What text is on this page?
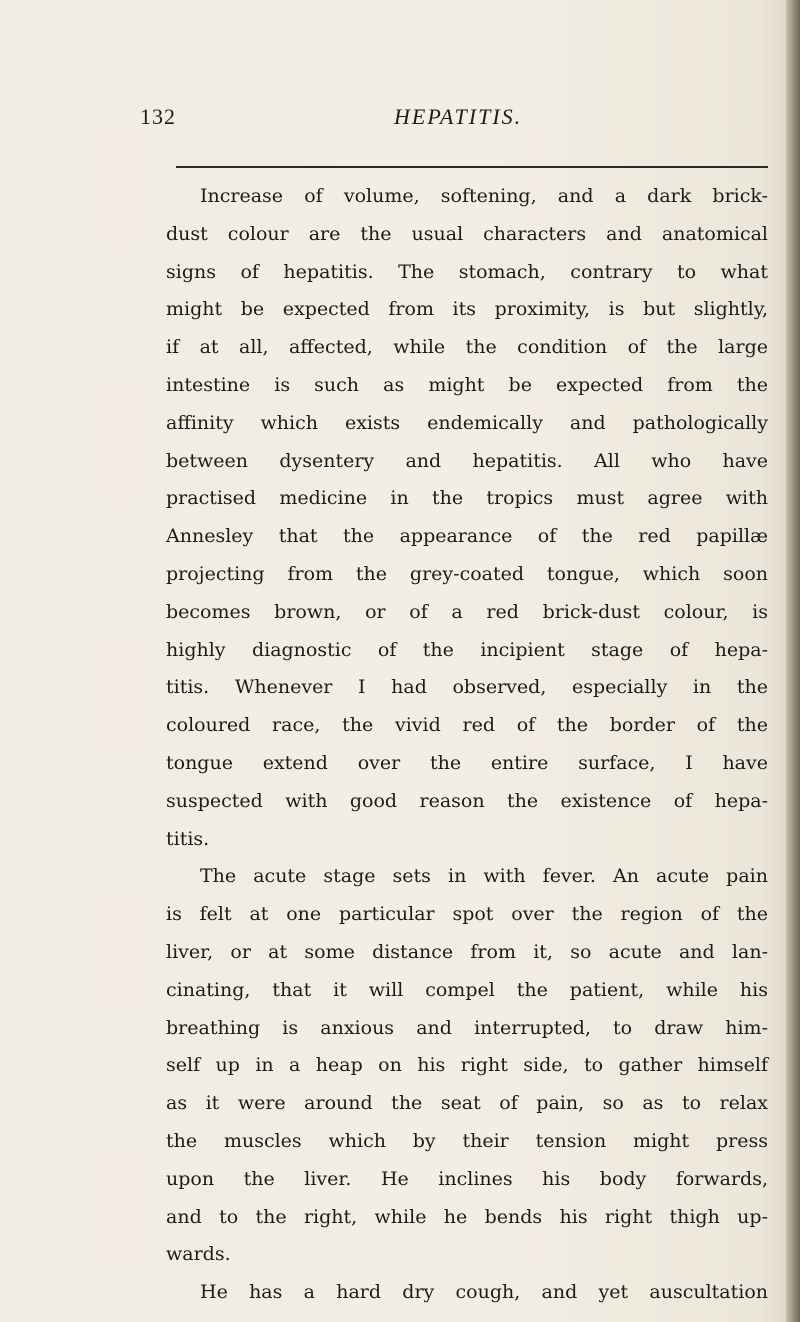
132	HEPATITIS.
Increase of volume, softening, and a dark brick-
dust colour are the usual characters and anatomical
signs of hepatitis. The stomach, contrary to what
might be expected from its proximity, is but slightly,
if at all, affected, while the condition of the large
intestine is such as might be expected from the
affinity which exists endemically and pathologically
between dysentery and hepatitis. All who have
practised medicine in the tropics must agree with
Annesley that the appearance of the red papillæ
projecting from the grey-coated tongue, which soon
becomes brown, or of a red brick-dust colour, is
highly diagnostic of the incipient stage of hepa-
titis. Whenever I had observed, especially in the
coloured race, the vivid red of the border of the
tongue extend over the entire surface, I have
suspected with good reason the existence of hepa-
titis.
The acute stage sets in with fever. An acute pain
is felt at one particular spot over the region of the
liver, or at some distance from it, so acute and lan-
cinating, that it will compel the patient, while his
breathing is anxious and interrupted, to draw him-
self up in a heap on his right side, to gather himself
as it were around the seat of pain, so as to relax
the muscles which by their tension might press
upon the liver. He inclines his body forwards,
and to the right, while he bends his right thigh up-
wards.
He has a hard dry cough, and yet auscultation
